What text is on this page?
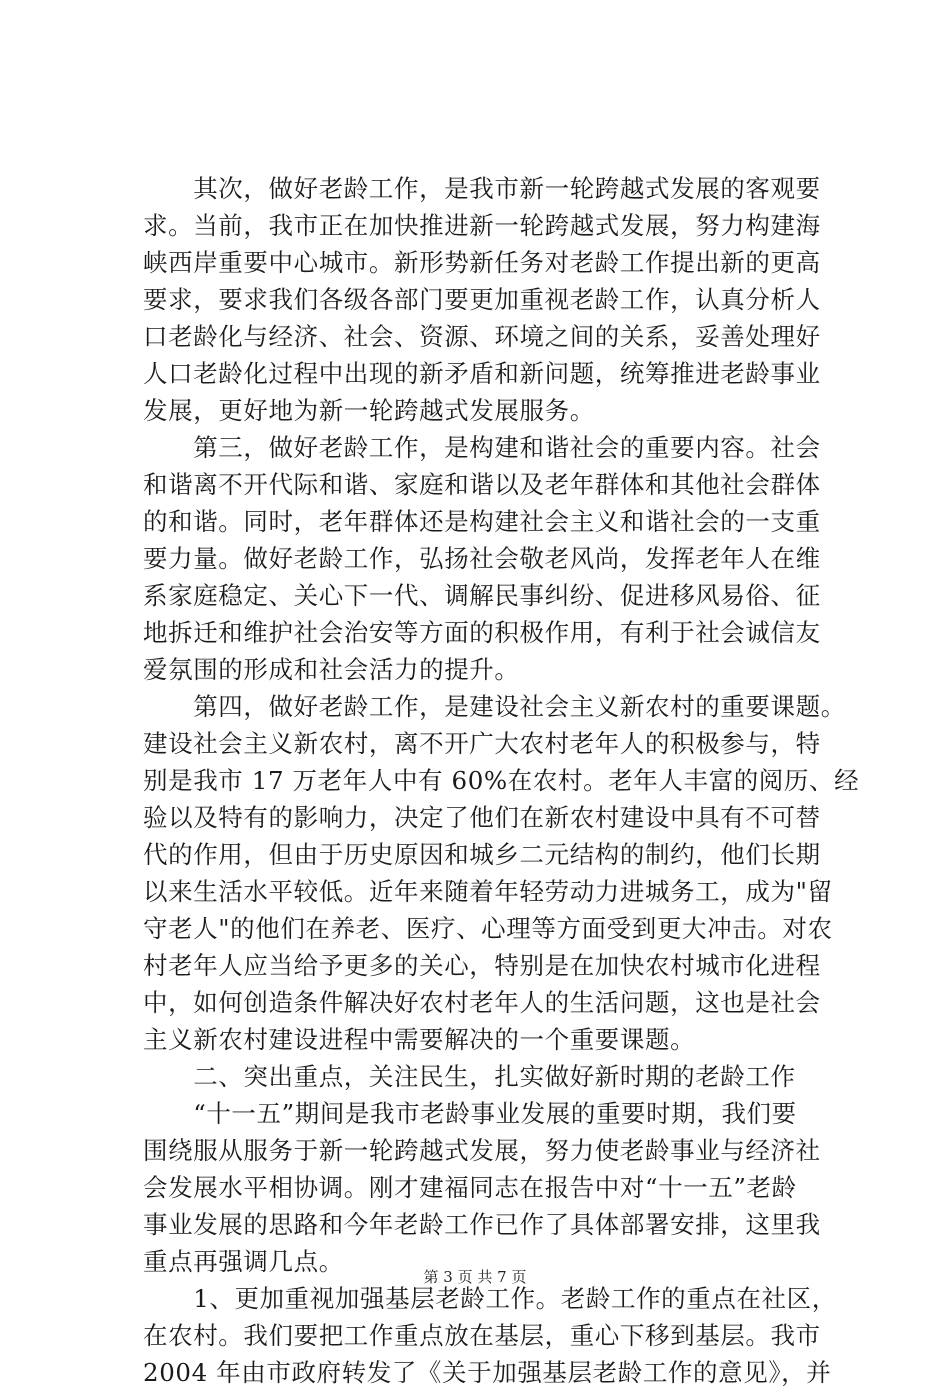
　　其次，做好老龄工作，是我市新一轮跨越式发展的客观要
求。当前，我市正在加快推进新一轮跨越式发展，努力构建海
峡西岸重要中心城市。新形势新任务对老龄工作提出新的更高
要求，要求我们各级各部门要更加重视老龄工作，认真分析人
口老龄化与经济、社会、资源、环境之间的关系，妥善处理好
人口老龄化过程中出现的新矛盾和新问题，统筹推进老龄事业
发展，更好地为新一轮跨越式发展服务。
　　第三，做好老龄工作，是构建和谐社会的重要内容。社会
和谐离不开代际和谐、家庭和谐以及老年群体和其他社会群体
的和谐。同时，老年群体还是构建社会主义和谐社会的一支重
要力量。做好老龄工作，弘扬社会敬老风尚，发挥老年人在维
系家庭稳定、关心下一代、调解民事纠纷、促进移风易俗、征
地拆迁和维护社会治安等方面的积极作用，有利于社会诚信友
爱氛围的形成和社会活力的提升。
　　第四，做好老龄工作，是建设社会主义新农村的重要课题。
建设社会主义新农村，离不开广大农村老年人的积极参与，特
别是我市 17 万老年人中有 60%在农村。老年人丰富的阅历、经
验以及特有的影响力，决定了他们在新农村建设中具有不可替
代的作用，但由于历史原因和城乡二元结构的制约，他们长期
以来生活水平较低。近年来随着年轻劳动力进城务工，成为"留
守老人"的他们在养老、医疗、心理等方面受到更大冲击。对农
村老年人应当给予更多的关心，特别是在加快农村城市化进程
中，如何创造条件解决好农村老年人的生活问题，这也是社会
主义新农村建设进程中需要解决的一个重要课题。
　　二、突出重点，关注民生，扎实做好新时期的老龄工作
　　“十一五”期间是我市老龄事业发展的重要时期，我们要
围绕服从服务于新一轮跨越式发展，努力使老龄事业与经济社
会发展水平相协调。刚才建福同志在报告中对“十一五”老龄
事业发展的思路和今年老龄工作已作了具体部署安排，这里我
重点再强调几点。
　　1、更加重视加强基层老龄工作。老龄工作的重点在社区，
在农村。我们要把工作重点放在基层，重心下移到基层。我市
2004 年由市政府转发了《关于加强基层老龄工作的意见》，并
第 3 页 共 7 页
